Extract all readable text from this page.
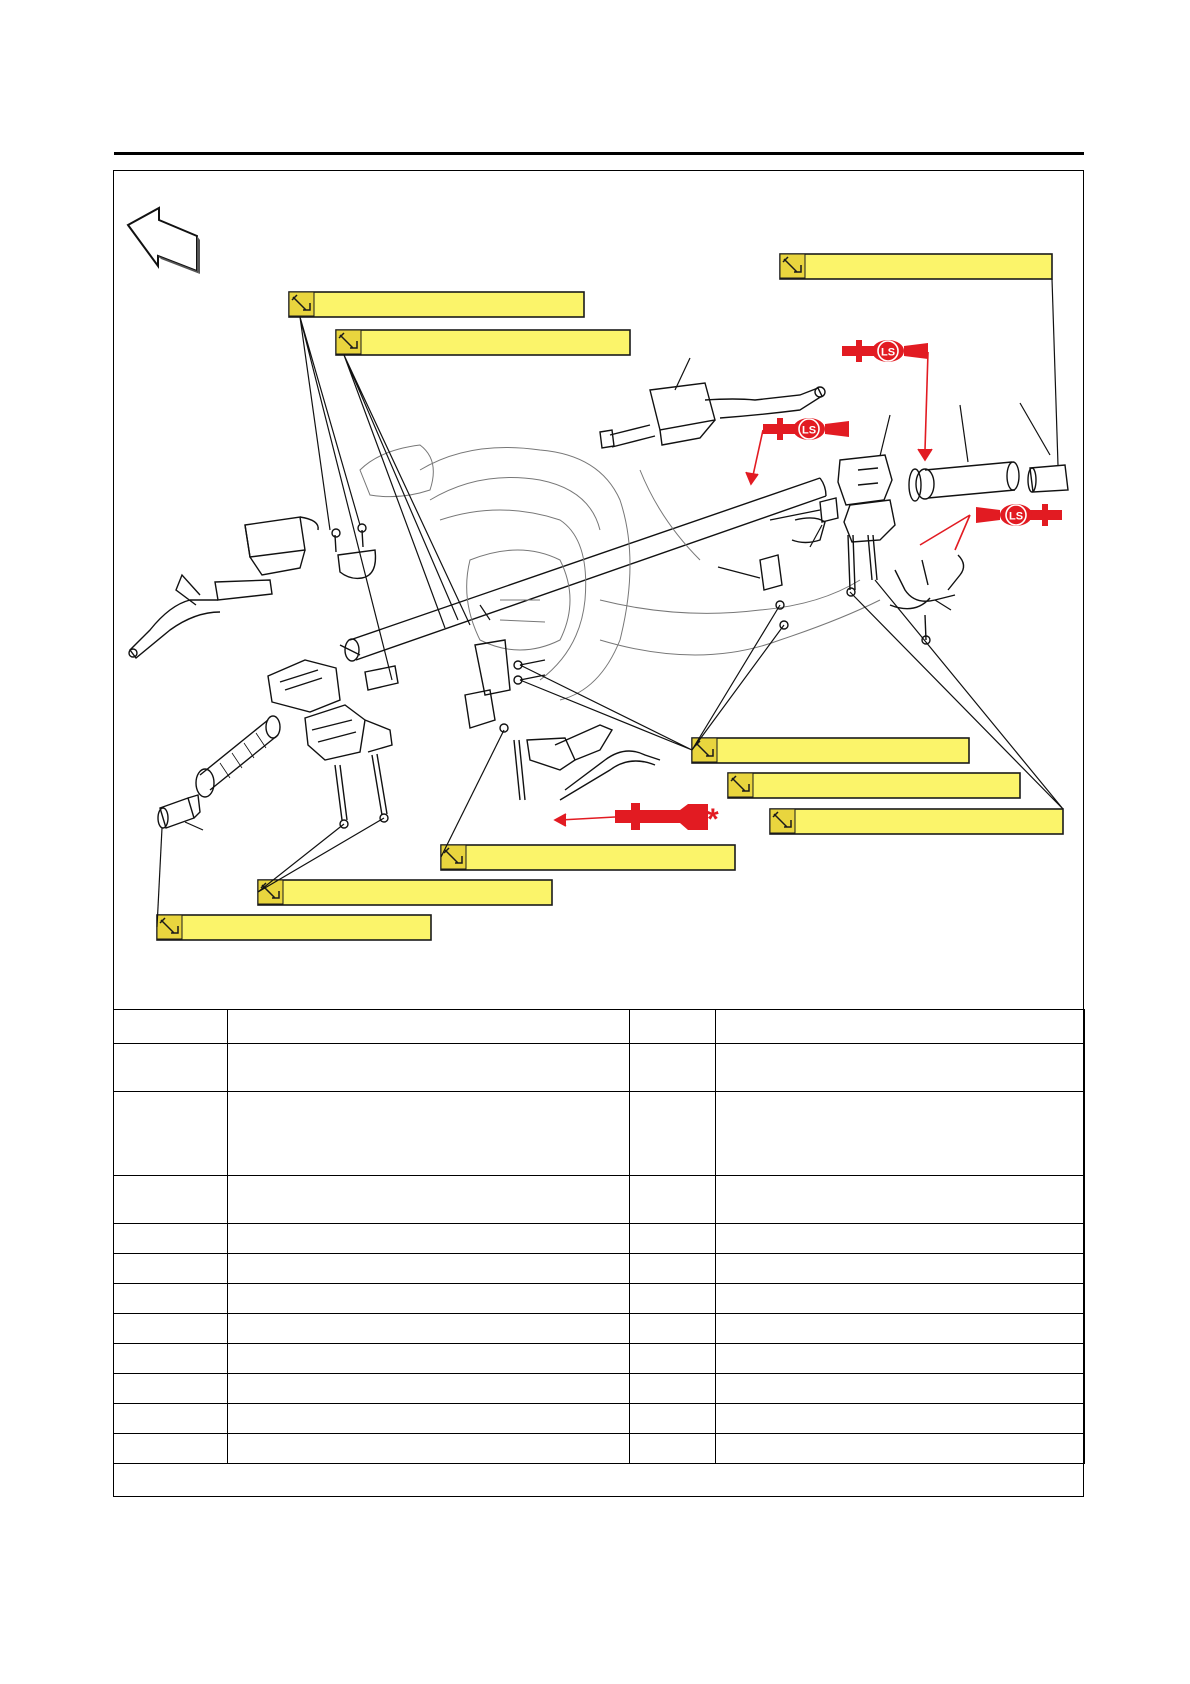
LS
LS
LS
*
